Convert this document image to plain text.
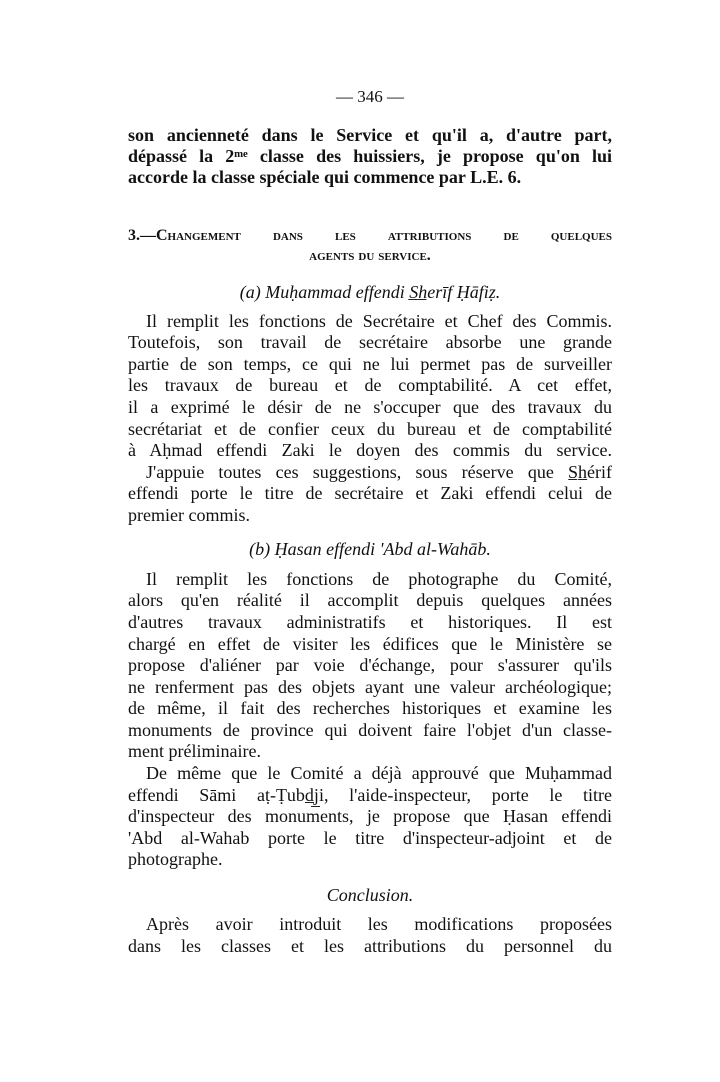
— 346 —
son ancienneté dans le Service et qu'il a, d'autre part,
dépassé la 2ᵐᵉ classe des huissiers, je propose qu'on lui
accorde la classe spéciale qui commence par L.E. 6.
3.—Changement dans les attributions de quelques
agents du service.
(a) Muḥammad effendi S̲h̲erīf Ḥāfiẓ.
Il remplit les fonctions de Secrétaire et Chef des Commis.
Toutefois, son travail de secrétaire absorbe une grande
partie de son temps, ce qui ne lui permet pas de surveiller
les travaux de bureau et de comptabilité. A cet effet,
il a exprimé le désir de ne s'occuper que des travaux du
secrétariat et de confier ceux du bureau et de comptabilité
à Aḥmad effendi Zaki le doyen des commis du service.
J'appuie toutes ces suggestions, sous réserve que S̲h̲érif
effendi porte le titre de secrétaire et Zaki effendi celui de
premier commis.
(b) Ḥasan effendi 'Abd al-Wahāb.
Il remplit les fonctions de photographe du Comité,
alors qu'en réalité il accomplit depuis quelques années
d'autres travaux administratifs et historiques. Il est
chargé en effet de visiter les édifices que le Ministère se
propose d'aliéner par voie d'échange, pour s'assurer qu'ils
ne renferment pas des objets ayant une valeur archéologique;
de même, il fait des recherches historiques et examine les
monuments de province qui doivent faire l'objet d'un classe-
ment préliminaire.
De même que le Comité a déjà approuvé que Muḥammad
effendi Sāmi aṭ-Ṭubd̲j̲i, l'aide-inspecteur, porte le titre
d'inspecteur des monuments, je propose que Ḥasan effendi
'Abd al-Wahab porte le titre d'inspecteur-adjoint et de
photographe.
Conclusion.
Après avoir introduit les modifications proposées
dans les classes et les attributions du personnel du
